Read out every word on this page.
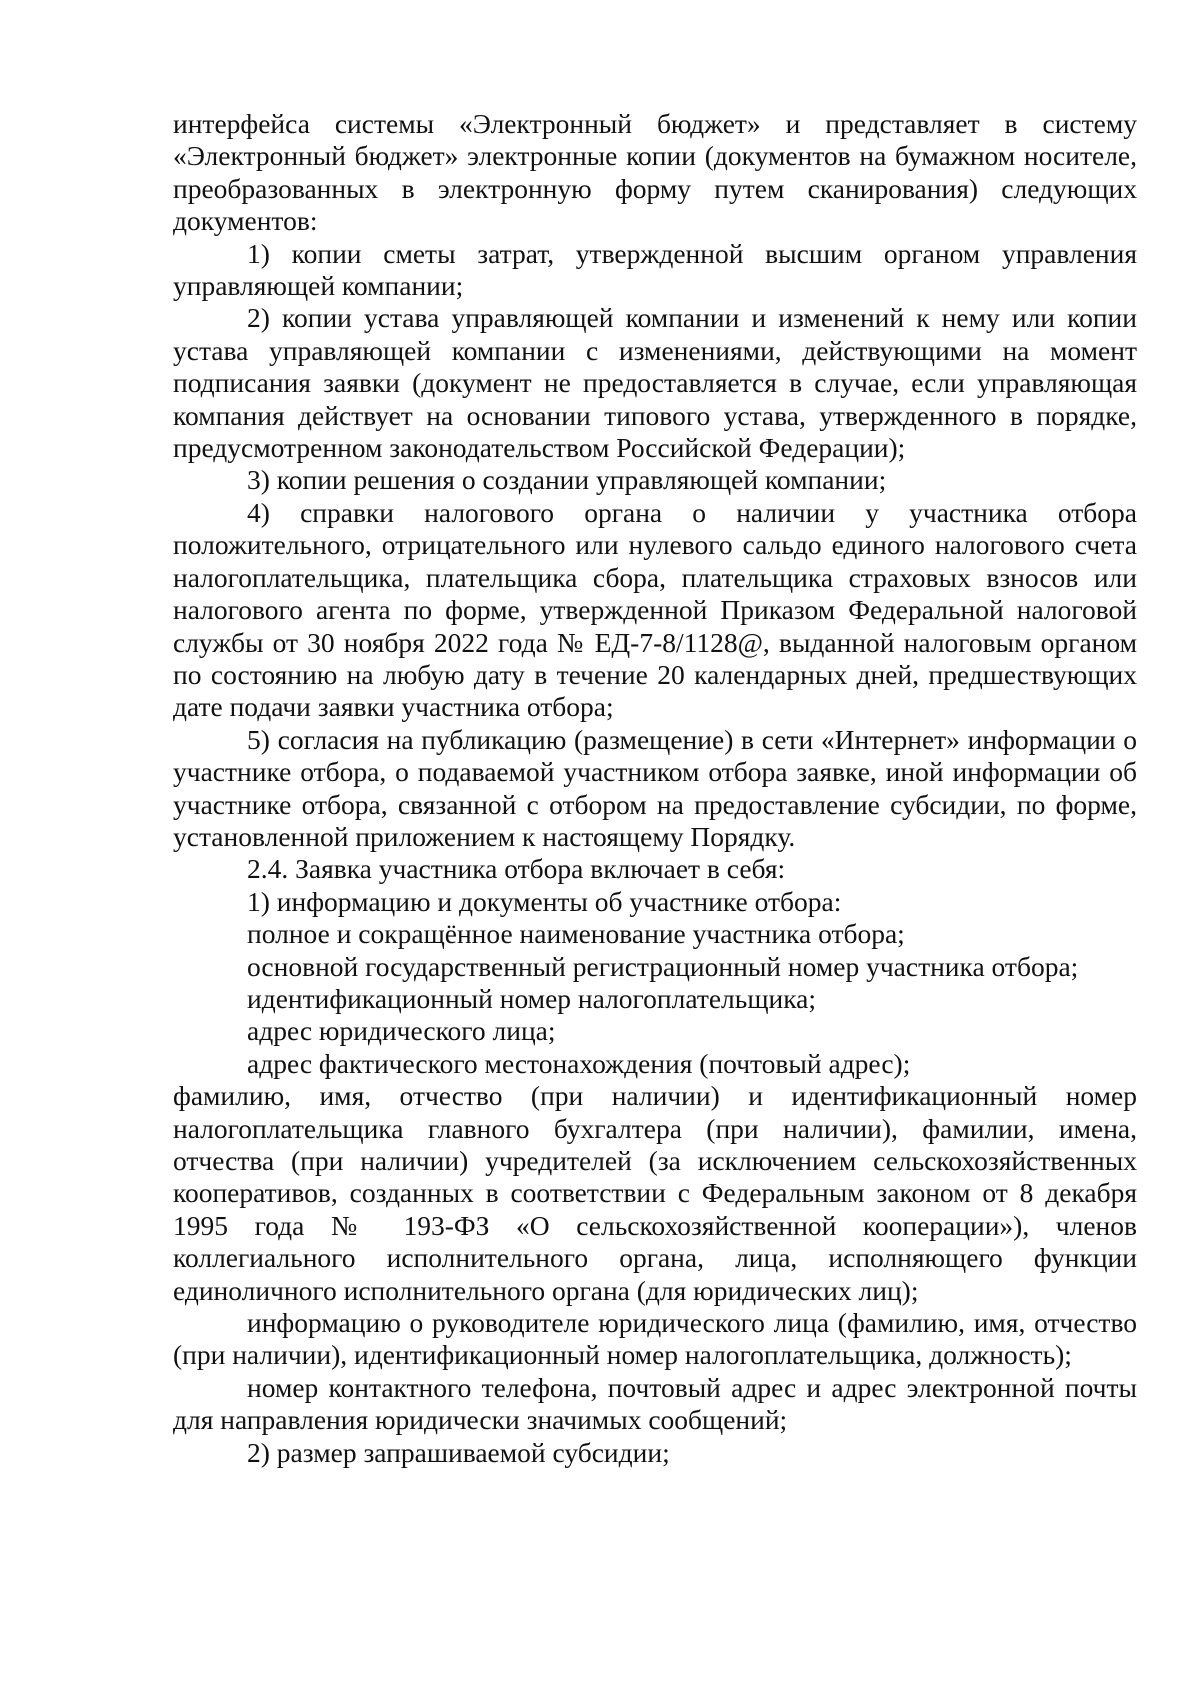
интерфейса системы «Электронный бюджет» и представляет в систему «Электронный бюджет» электронные копии (документов на бумажном носителе, преобразованных в электронную форму путем сканирования) следующих документов:

1) копии сметы затрат, утвержденной высшим органом управления управляющей компании;

2) копии устава управляющей компании и изменений к нему или копии устава управляющей компании с изменениями, действующими на момент подписания заявки (документ не предоставляется в случае, если управляющая компания действует на основании типового устава, утвержденного в порядке, предусмотренном законодательством Российской Федерации);

3) копии решения о создании управляющей компании;

4) справки налогового органа о наличии у участника отбора положительного, отрицательного или нулевого сальдо единого налогового счета налогоплательщика, плательщика сбора, плательщика страховых взносов или налогового агента по форме, утвержденной Приказом Федеральной налоговой службы от 30 ноября 2022 года № ЕД-7-8/1128@, выданной налоговым органом по состоянию на любую дату в течение 20 календарных дней, предшествующих дате подачи заявки участника отбора;

5) согласия на публикацию (размещение) в сети «Интернет» информации о участнике отбора, о подаваемой участником отбора заявке, иной информации об участнике отбора, связанной с отбором на предоставление субсидии, по форме, установленной приложением к настоящему Порядку.

2.4. Заявка участника отбора включает в себя:

1) информацию и документы об участнике отбора:

полное и сокращённое наименование участника отбора;

основной государственный регистрационный номер участника отбора;

идентификационный номер налогоплательщика;

адрес юридического лица;

адрес фактического местонахождения (почтовый адрес);

фамилию, имя, отчество (при наличии) и идентификационный номер налогоплательщика главного бухгалтера (при наличии), фамилии, имена, отчества (при наличии) учредителей (за исключением сельскохозяйственных кооперативов, созданных в соответствии с Федеральным законом от 8 декабря 1995 года № 193-ФЗ «О сельскохозяйственной кооперации»), членов коллегиального исполнительного органа, лица, исполняющего функции единоличного исполнительного органа (для юридических лиц);

информацию о руководителе юридического лица (фамилию, имя, отчество (при наличии), идентификационный номер налогоплательщика, должность);

номер контактного телефона, почтовый адрес и адрес электронной почты для направления юридически значимых сообщений;

2) размер запрашиваемой субсидии;
